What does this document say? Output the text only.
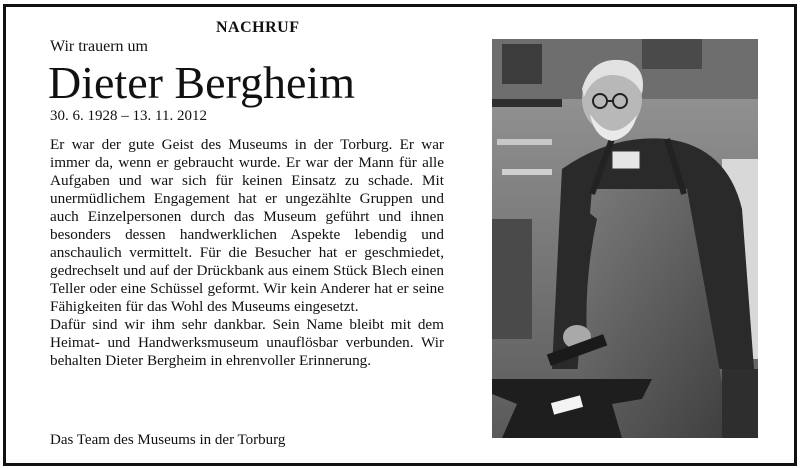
NACHRUF
Wir trauern um
Dieter Bergheim
30. 6. 1928 – 13. 11. 2012

Er war der gute Geist des Museums in der Torburg. Er war immer da, wenn er gebraucht wurde. Er war der Mann für alle Aufgaben und war sich für keinen Einsatz zu schade. Mit unermüdlichem Engagement hat er ungezählte Gruppen und auch Einzelpersonen durch das Museum geführt und ihnen besonders dessen handwerklichen Aspekte lebendig und anschaulich vermittelt. Für die Besucher hat er geschmiedet, gedrechselt und auf der Drückbank aus einem Stück Blech einen Teller oder eine Schüssel geformt. Wir kein Anderer hat er seine Fähigkeiten für das Wohl des Museums eingesetzt.

Dafür sind wir ihm sehr dankbar. Sein Name bleibt mit dem Heimat- und Handwerksmuseum unauflösbar verbunden. Wir behalten Dieter Bergheim in ehrenvoller Erinnerung.

Das Team des Museums in der Torburg
